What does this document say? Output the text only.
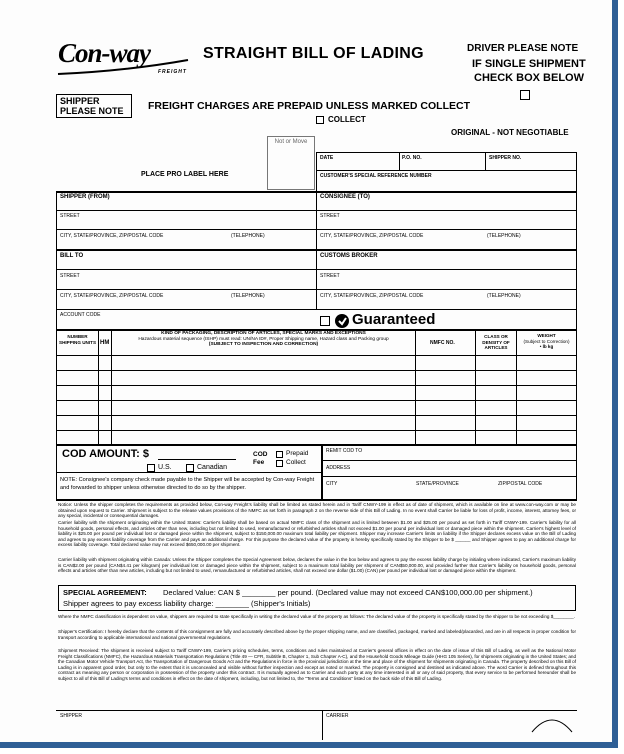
Con-way
FREIGHT
STRAIGHT BILL OF LADING	DRIVER PLEASE NOTE
IF SINGLE SHIPMENT
CHECK BOX BELOW
SHIPPER
PLEASE NOTE	FREIGHT CHARGES ARE PREPAID UNLESS MARKED COLLECT
COLLECT
ORIGINAL - NOT NEGOTIABLE
PLACE PRO LABEL HERE
Not or Move
DATE	P.O. NO.	SHIPPER NO.
CUSTOMER'S SPECIAL REFERENCE NUMBER
SHIPPER (FROM)	CONSIGNEE (TO)
STREET	STREET
CITY, STATE/PROVINCE, ZIP/POSTAL CODE	(TELEPHONE)	CITY, STATE/PROVINCE, ZIP/POSTAL CODE	(TELEPHONE)
BILL TO	CUSTOMS BROKER
STREET	STREET
CITY, STATE/PROVINCE, ZIP/POSTAL CODE	(TELEPHONE)	CITY, STATE/PROVINCE, ZIP/POSTAL CODE	(TELEPHONE)
ACCOUNT CODE	Guaranteed
NUMBER SHIPPING UNITS HM
KIND OF PACKAGING, DESCRIPTION OF ARTICLES, SPECIAL MARKS AND EXCEPTIONS
Hazardous material sequence (ISHP) must read: UN/NA ID#, Proper Shipping name, Hazard class and Packing group
(SUBJECT TO INSPECTION AND CORRECTION)	NMFC NO.
CLASS OR DENSITY OF ARTICLES
WEIGHT
(Subject to Correction)
• lb kg
COD AMOUNT: $
U.S.	Canadian
COD Fee
Prepaid
Collect
NOTE: Consignee's company check made payable to the Shipper will be accepted by Con-way Freight and forwarded to shipper unless otherwise directed to do so by the shipper.
REMIT COD TO
ADDRESS
CITY	STATE/PROVINCE	ZIP/POSTAL CODE
Notice: Unless the shipper completes the requirements as provided below, Con-way Freight's liability shall be limited as stated herein and in Tariff CNWY-199 in effect as of date of shipment, which is available on line at www.con-way.com or may be obtained upon request to Carrier. Shipment is subject to the release values provisions of the NMFC as set forth in paragraph 2 on the reverse side of this Bill of Lading. In no event shall Carrier be liable for loss of profit, income, interest, attorney fees, or any special, incidental or consequential damages.
Carrier liability with the shipment originating within the United States: Carrier's liability shall be based on actual NMFC class of the shipment and is limited between $1.00 and $25.00 per pound as set forth in Tariff CNWY-199. Carrier's liability for all household goods, personal effects, and articles other than new, including but not limited to used, remanufactured or refurbished articles shall not exceed $1.00 per pound per individual lost or damaged piece within the shipment. Carrier's highest level of liability is $25.00 per pound per individual lost or damaged piece within the shipment, subject to $150,000.00 maximum total liability per shipment. Shipper may increase Carrier's limits on liability if the Shipper declares excess value on the Bill of Lading and agrees to pay excess liability coverage from the Carrier and pays an additional charge. For this purpose the declared value of the property is hereby specifically stated by the Shipper to be $ ______ and Shipper agrees to pay an additional charge for excess liability coverage. Total declared value may not exceed $650,000.00 per shipment.
Carrier liability with shipment originating within Canada: Unless the Shipper completes the Special Agreement below, declares the value in the box below and agrees to pay the excess liability charge by initialing where indicated, Carrier's maximum liability is CAN$2.00 per pound (CAN$4.41 per kilogram) per individual lost or damaged piece within the shipment, subject to a maximum total liability per shipment of CAN$50,000.00, and provided further that Carrier's liability on household goods, personal effects and articles other than new articles, including but not limited to used, remanufactured or refurbished articles, shall not exceed one dollar ($1.00) (CAN) per pound per individual lost or damaged piece within the shipment.
SPECIAL AGREEMENT: Declared Value: CAN $ ________ per pound. (Declared value may not exceed CAN$100,000.00 per shipment.)
Shipper agrees to pay excess liability charge: ________ (Shipper's Initials)
Where the NMFC classification is dependent on value, shippers are required to state specifically in writing the declared value of the property as follows: The declared value of the property is specifically stated by the shipper to be not exceeding $________.
Shipper's Certification: I hereby declare that the contents of this consignment are fully and accurately described above by the proper shipping name, and are classified, packaged, marked and labeled/placarded, and are in all respects in proper condition for transport according to applicable international and national governmental regulations.
Shipment Received: The shipment is received subject to Tariff CNWY-199, Carrier's pricing schedules, terms, conditions and rules maintained at Carrier's general offices in effect on the date of issue of this Bill of Lading, as well as the National Motor Freight Classifications (NMFC), the Hazardous Materials Transportation Regulations (Title 49 — CFR, Subtitle B, Chapter 1, Sub Chapter A-C), and the Household Goods Mileage Guide (HHG 105 Series), for shipments originating in the United States; and the Canadian Motor Vehicle Transport Act, the Transportation of Dangerous Goods Act and the Regulations in force in the provincial jurisdiction at the time and place of the shipment for shipments originating in Canada. The property described on this Bill of Lading is in apparent good order, but only to the extent that it is unconcealed and visible without further inspection and except as noted or marked. The property is consigned and destined as indicated above. The word Carrier is defined throughout this contract as meaning any person or corporation in possession of the property under this contract. It is mutually agreed as to Carrier and each party at any time interested in all or any of said property, that every service to be performed hereunder shall be subject to all of this Bill of Lading's terms and conditions in effect on the date of shipment, including, but not limited to, the "Terms and Conditions" listed on the back side of this Bill of Lading.
SHIPPER	CARRIER
